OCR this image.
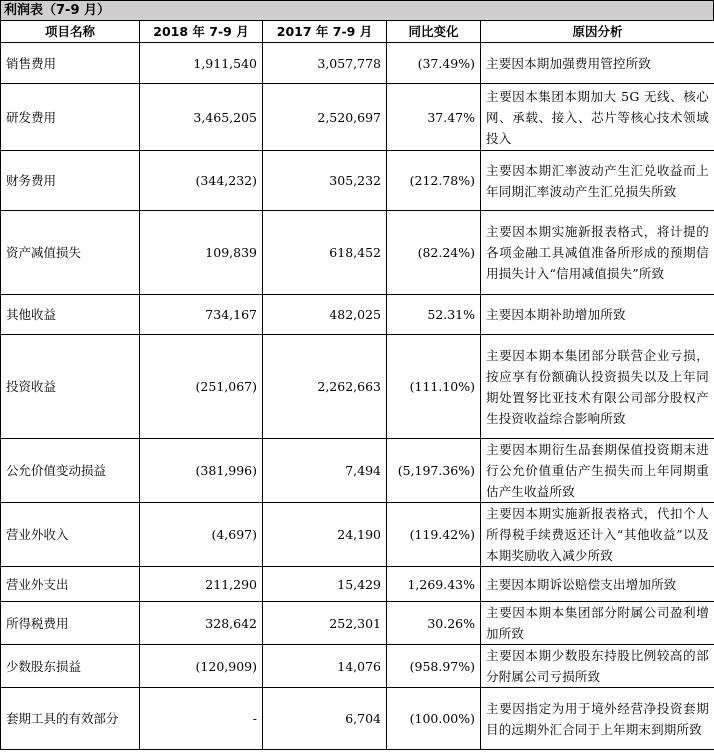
利润表（7-9 月）
项目名称	2018 年 7-9 月	2017 年 7-9 月	同比变化	原因分析
销售费用	1,911,540	3,057,778	(37.49%)	主要因本期加强费用管控所致
研发费用	3,465,205	2,520,697	37.47%	主要因本集团本期加大 5G 无线、核心网、承载、接入、芯片等核心技术领域投入
财务费用	(344,232)	305,232	(212.78%)	主要因本期汇率波动产生汇兑收益而上年同期汇率波动产生汇兑损失所致
资产减值损失	109,839	618,452	(82.24%)	主要因本期实施新报表格式，将计提的各项金融工具减值准备所形成的预期信用损失计入“信用减值损失”所致
其他收益	734,167	482,025	52.31%	主要因本期补助增加所致
投资收益	(251,067)	2,262,663	(111.10%)	主要因本期本集团部分联营企业亏损，按应享有份额确认投资损失以及上年同期处置努比亚技术有限公司部分股权产生投资收益综合影响所致
公允价值变动损益	(381,996)	7,494	(5,197.36%)	主要因本期衍生品套期保值投资期末进行公允价值重估产生损失而上年同期重估产生收益所致
营业外收入	(4,697)	24,190	(119.42%)	主要因本期实施新报表格式，代扣个人所得税手续费返还计入“其他收益”以及本期奖励收入减少所致
营业外支出	211,290	15,429	1,269.43%	主要因本期诉讼赔偿支出增加所致
所得税费用	328,642	252,301	30.26%	主要因本期本集团部分附属公司盈利增加所致
少数股东损益	(120,909)	14,076	(958.97%)	主要因本期少数股东持股比例较高的部分附属公司亏损所致
套期工具的有效部分	-	6,704	(100.00%)	主要因指定为用于境外经营净投资套期目的远期外汇合同于上年期末到期所致
